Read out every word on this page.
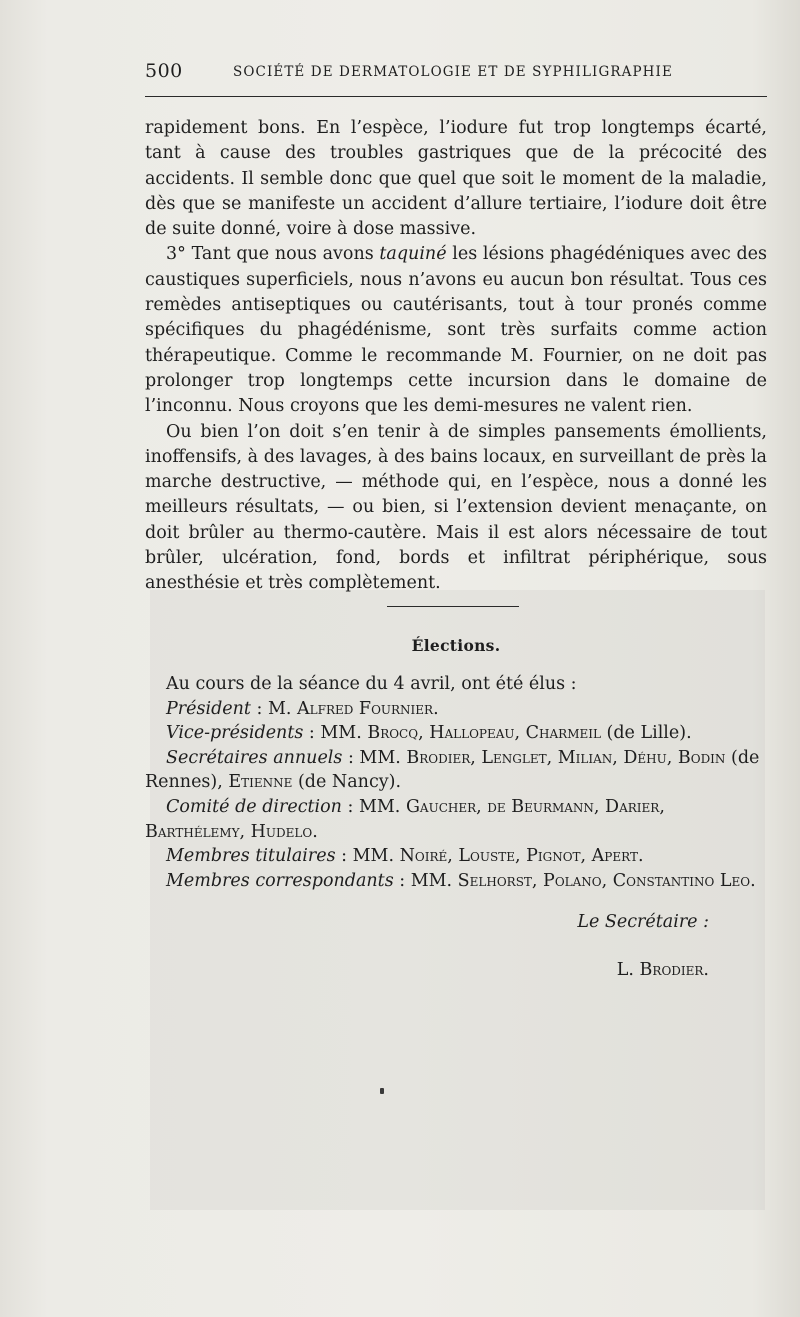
500	SOCIÉTÉ DE DERMATOLOGIE ET DE SYPHILIGRAPHIE

rapidement bons. En l’espèce, l’iodure fut trop longtemps écarté, tant à cause des troubles gastriques que de la précocité des accidents. Il semble donc que quel que soit le moment de la maladie, dès que se manifeste un accident d’allure tertiaire, l’iodure doit être de suite donné, voire à dose massive.

3° Tant que nous avons taquiné les lésions phagédéniques avec des caustiques superficiels, nous n’avons eu aucun bon résultat. Tous ces remèdes antiseptiques ou cautérisants, tout à tour pronés comme spécifiques du phagédénisme, sont très surfaits comme action thérapeutique. Comme le recommande M. Fournier, on ne doit pas prolonger trop longtemps cette incursion dans le domaine de l’inconnu. Nous croyons que les demi-mesures ne valent rien.

Ou bien l’on doit s’en tenir à de simples pansements émollients, inoffensifs, à des lavages, à des bains locaux, en surveillant de près la marche destructive, — méthode qui, en l’espèce, nous a donné les meilleurs résultats, — ou bien, si l’extension devient menaçante, on doit brûler au thermo-cautère. Mais il est alors nécessaire de tout brûler, ulcération, fond, bords et infiltrat périphérique, sous anesthésie et très complètement.

Élections.

Au cours de la séance du 4 avril, ont été élus :

Président : M. Alfred Fournier.

Vice-présidents : MM. Brocq, Hallopeau, Charmeil (de Lille).

Secrétaires annuels : MM. Brodier, Lenglet, Milian, Déhu, Bodin (de Rennes), Etienne (de Nancy).

Comité de direction : MM. Gaucher, de Beurmann, Darier, Barthélemy, Hudelo.

Membres titulaires : MM. Noiré, Louste, Pignot, Apert.

Membres correspondants : MM. Selhorst, Polano, Constantino Leo.

Le Secrétaire :
L. Brodier.
